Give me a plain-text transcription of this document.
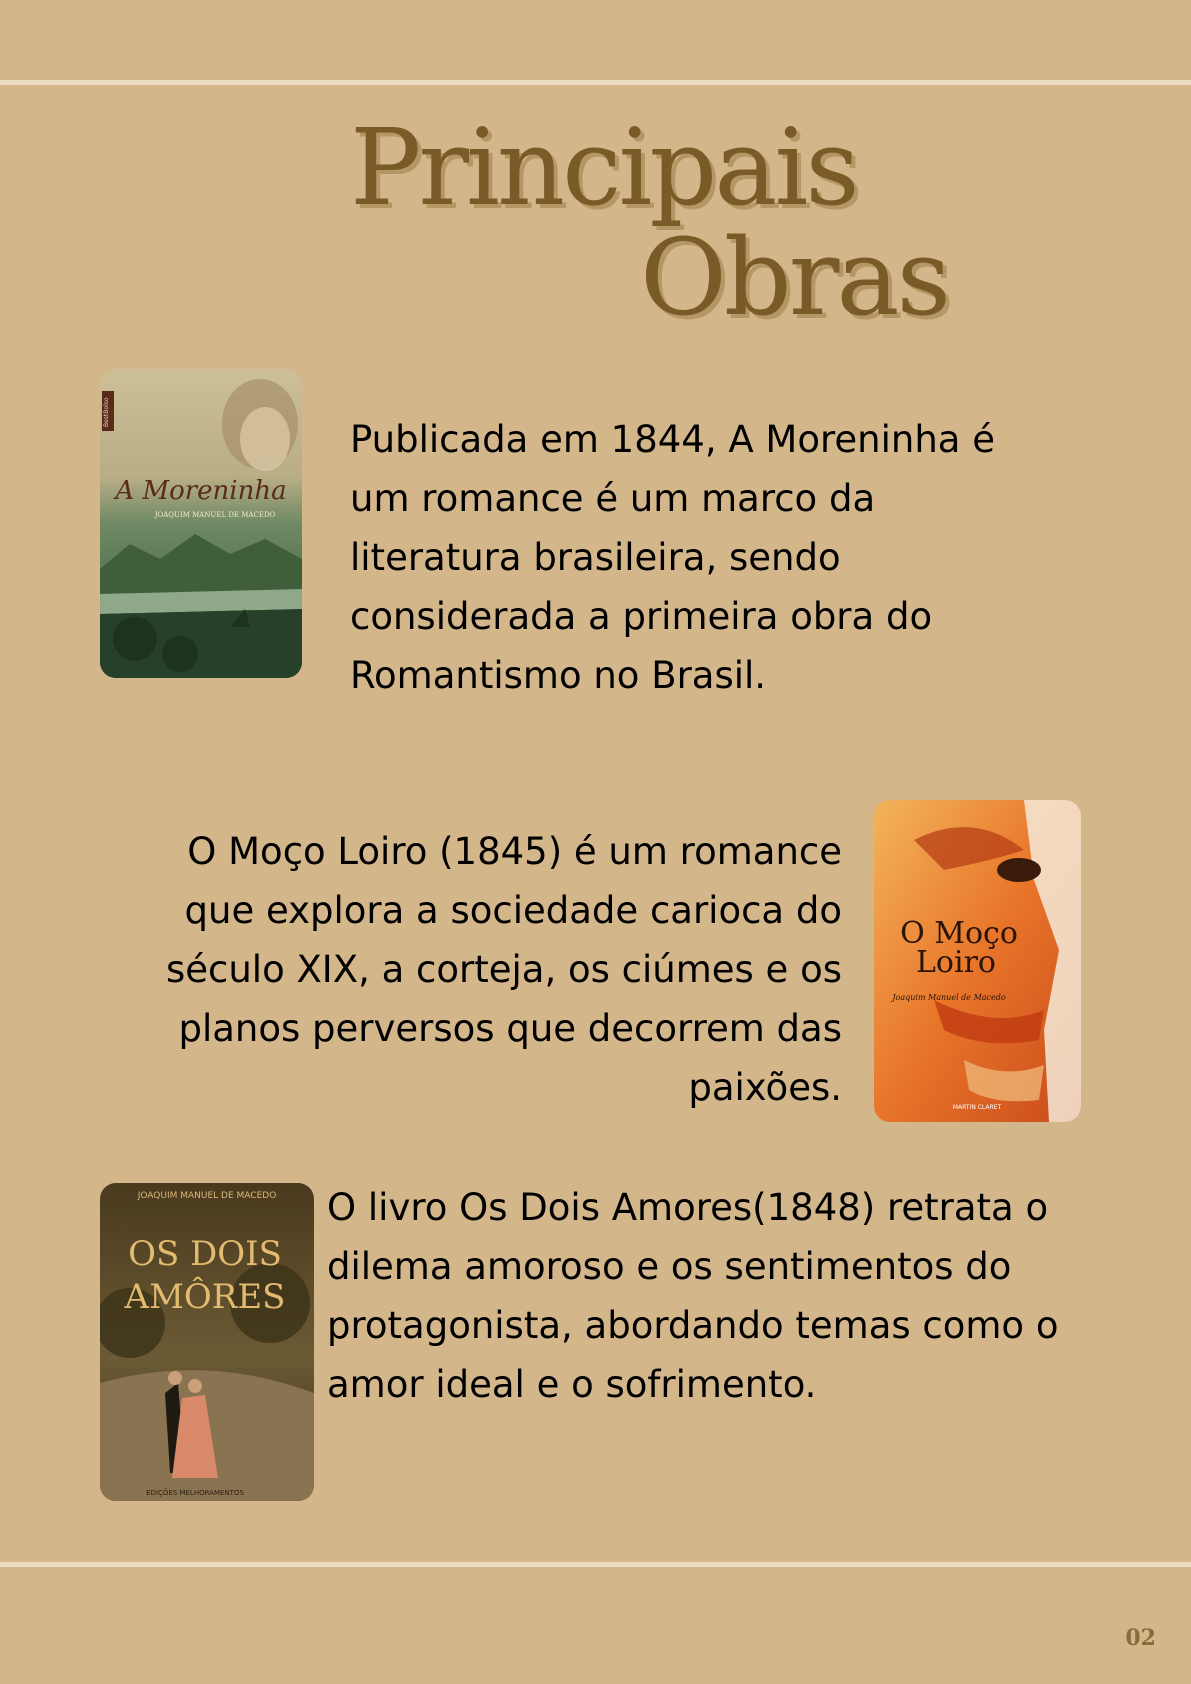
Principais
Obras
BestBolso
A Moreninha
JOAQUIM MANUEL DE MACEDO
Publicada em 1844, A Moreninha é um romance é um marco da literatura brasileira, sendo considerada a primeira obra do Romantismo no Brasil.
O Moço Loiro (1845) é um romance que explora a sociedade carioca do século XIX, a corteja, os ciúmes e os planos perversos que decorrem das paixões.
O Moço
Loiro
Joaquim Manuel de Macedo
MARTIN CLARET
JOAQUIM MANUEL DE MACEDO
OS DOIS
AMÔRES
EDIÇÕES MELHORAMENTOS
O livro Os Dois Amores(1848) retrata o dilema amoroso e os sentimentos do protagonista, abordando temas como o amor ideal e o sofrimento.
02
